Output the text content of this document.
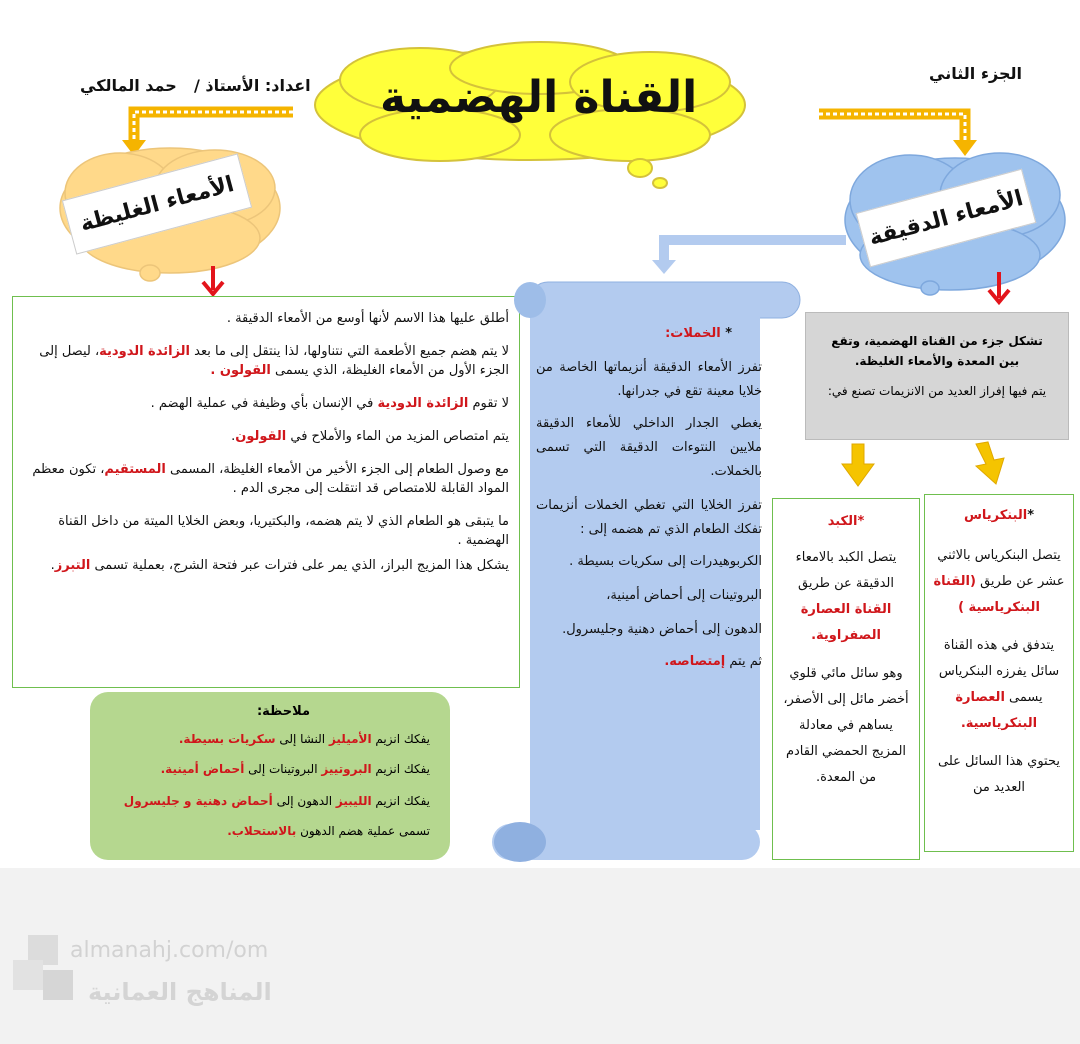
almanahj.com/om
المناهج العمانية
الجزء الثاني
حمد المالكي اعداد: الأستاذ / القناة الهضمية
الأمعاء الغليظة	الأمعاء الدقيقة

أطلق عليها هذا الاسم لأنها أوسع من الأمعاء الدقيقة .

لا يتم هضم جميع الأطعمة التي نتناولها، لذا ينتقل إلى ما بعد الزائدة الدودية، ليصل إلى الجزء الأول من الأمعاء الغليظة، الذي يسمى القولون .

لا تقوم الزائدة الدودية في الإنسان بأي وظيفة في عملية الهضم .

يتم امتصاص المزيد من الماء والأملاح في القولون.

مع وصول الطعام إلى الجزء الأخير من الأمعاء الغليظة، المسمى المستقيم، تكون معظم المواد القابلة للامتصاص قد انتقلت إلى مجرى الدم .

ما يتبقى هو الطعام الذي لا يتم هضمه، والبكتيريا، وبعض الخلايا الميتة من داخل القناة الهضمية .

يشكل هذا المزيج البراز، الذي يمر على فترات عبر فتحة الشرج، بعملية تسمى التبرز.

ملاحظة:
يفكك انزيم الأميليز النشا إلى سكريات بسيطة.
يفكك انزيم البروتييز البروتينات إلى أحماض أمينية.
يفكك انزيم الليبيز الدهون إلى أحماض دهنية و جليسرول
تسمى عملية هضم الدهون بالاستحلاب.
* الخملات:

تفرز الأمعاء الدقيقة أنزيماتها الخاصة من خلايا معينة تقع في جدرانها.

يغطي الجدار الداخلي للأمعاء الدقيقة ملايين النتوءات الدقيقة التي تسمى بالخملات.

تفرز الخلايا التي تغطي الخملات أنزيمات تفكك الطعام الذي تم هضمه إلى :

الكربوهيدرات إلى سكريات بسيطة .

البروتينات إلى أحماض أمينية،

الدهون إلى أحماض دهنية وجليسرول.

ثم يتم إمتصاصه.

تشكل جزء من القناة الهضمية، وتقع بين المعدة والأمعاء الغليظة.
يتم فيها إفراز العديد من الانزيمات تصنع في:
*الكبد
يتصل الكبد بالامعاء الدقيقة عن طريق القناة العصارة الصفراوية.
وهو سائل مائي قلوي أخضر مائل إلى الأصفر، يساهم في معادلة المزيج الحمضي القادم من المعدة.
*البنكرياس
يتصل البنكرياس بالاثني عشر عن طريق (القناة البنكرياسية )
يتدفق في هذه القناة سائل يفرزه البنكرياس يسمى العصارة البنكرياسية.
يحتوي هذا السائل على العديد من
